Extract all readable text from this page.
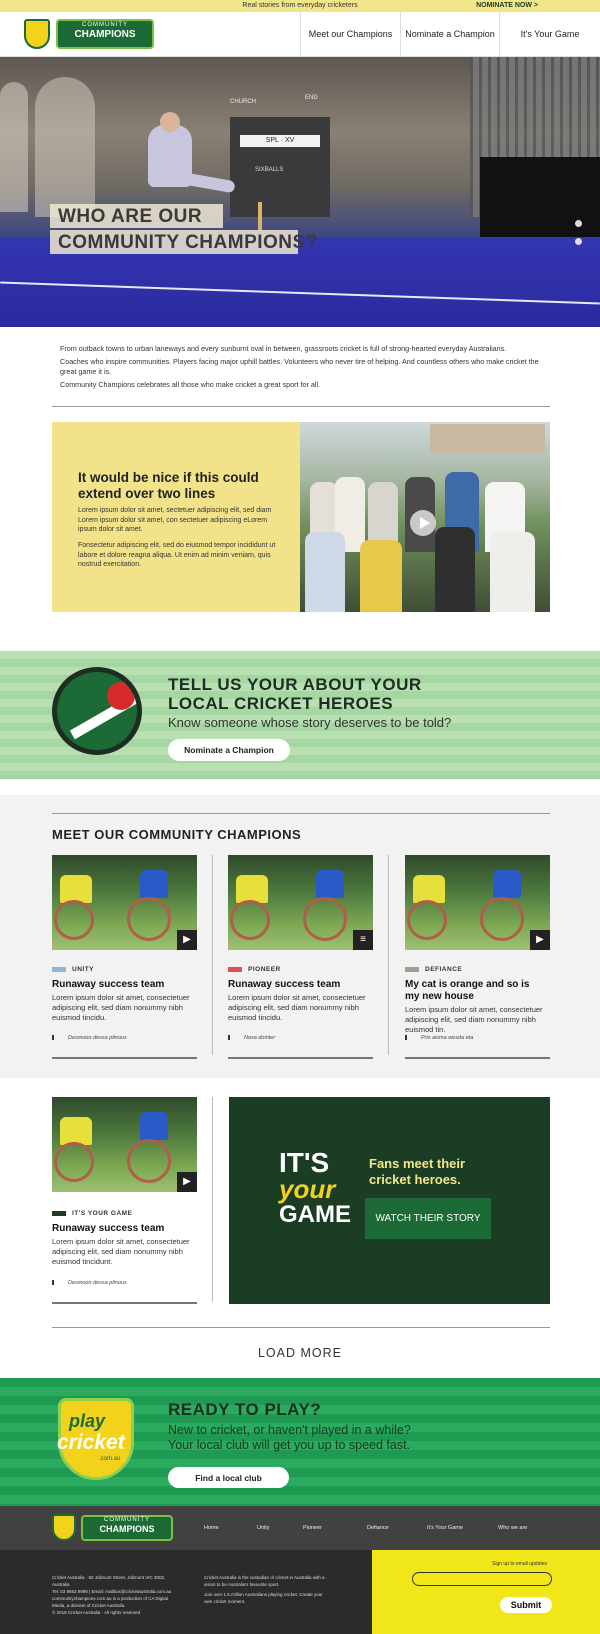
Real stories from everyday cricketers	NOMINATE NOW >
COMMUNITY
CHAMPIONS	Meet our Champions	Nominate a Champion	It's Your Game
SPL · XV
SIXBALLS
CHURCH
END
WHO ARE OUR
COMMUNITY CHAMPIONS?

From outback towns to urban laneways and every sunburnt oval in between, grassroots cricket is full of strong-hearted everyday Australians.

Coaches who inspire communities. Players facing major uphill battles. Volunteers who never tire of helping. And countless others who make cricket the great game it is.

Community Champions celebrates all those who make cricket a great sport for all.

It would be nice if this could extend over two lines
Lorem ipsum dolor sit amet, sectetuer adipiscing elit, sed diam Lorem ipsum dolor sit amet, con sectetuer adipiscing eLorem ipsum dolor sit amet.
Fonsectetur adipiscing elit, sed do eiusmod tempor incididunt ut labore et dolore reagna aliqua. Ut enim ad minim veniam, quis nostrud exercitation.
TELL US YOUR ABOUT YOUR
LOCAL CRICKET HEROES
Know someone whose story deserves to be told?
Nominate a Champion
MEET OUR COMMUNITY CHAMPIONS
▶
UNITY
Runaway success team
Lorem ipsum dolor sit amet, consectetuer adipiscing elit, sed diam nonummy nibh euismod tincidu.
Desmoon dessa plinous
≡
PIONEER
Runaway success team
Lorem ipsum dolor sit amet, consectetuer adipiscing elit, sed diam nonummy nibh euismod tincidu.
Nosa dointer
▶
DEFIANCE
My cat is orange and so is my new house
Lorem ipsum dolor sit amet, consectetuer adipiscing elit, sed diam nonummy nibh euismod tin.
Pris aisma wesda eta
▶
IT'S YOUR GAME
Runaway success team
Lorem ipsum dolor sit amet, consectetuer adipiscing elit, sed diam nonummy nibh euismod tincidunt.
Desmoon dessa plinous
IT'S
your
GAME
Fans meet their cricket heroes.
WATCH THEIR STORY
LOAD MORE
play
cricket
.com.au
READY TO PLAY?
New to cricket, or haven't played in a while?
Your local club will get you up to speed fast.
Find a local club
COMMUNITY
CHAMPIONS	Home	Unity	Pioneer	Defiance	It's Your Game	Who we are
Cricket Australia · 60 Jolimont Street, Jolimont VIC 3002, Australia
Tel: 03 9653 9999 | Email: mailbox@cricketaustralia.com.au
communitychampions.com.au is a production of CA Digital Media, a division of Cricket Australia.
© 2018 Cricket Australia · All rights reserved
Cricket Australia is the custodian of cricket in Australia with a vision to be Australia's favourite sport.
Join over 1.5 million Australians playing cricket. Create your own cricket moment.
Sign up to email updates
Submit
